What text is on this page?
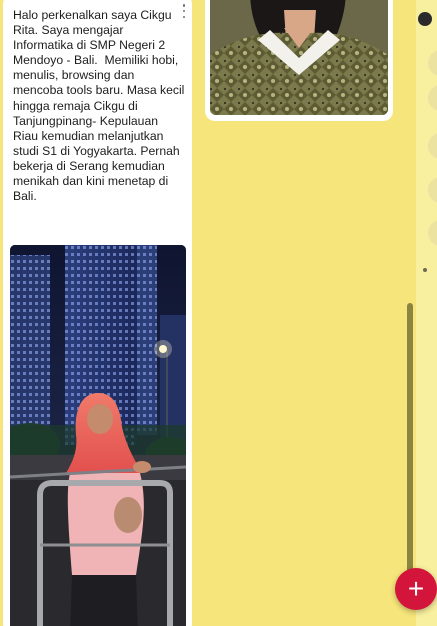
Halo perkenalkan saya Cikgu Rita. Saya mengajar Informatika di SMP Negeri 2 Mendoyo - Bali.  Memiliki hobi, menulis, browsing dan mencoba tools baru. Masa kecil hingga remaja Cikgu di Tanjungpinang- Kepulauan Riau kemudian melanjutkan studi S1 di Yogyakarta. Pernah bekerja di Serang kemudian menikah dan kini menetap di Bali.
+
